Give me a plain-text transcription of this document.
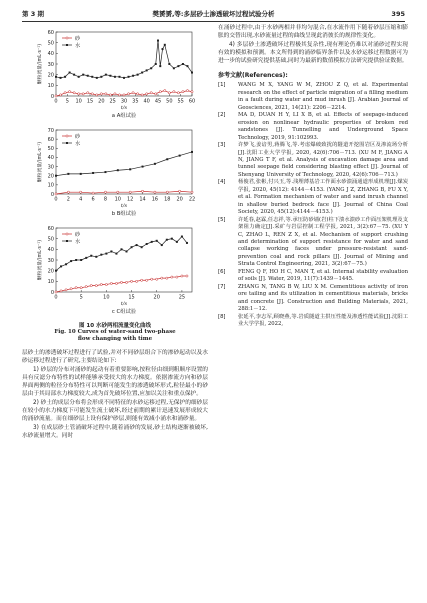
第 3 期	樊赟赟,等:多层砂土渗透破坏过程试验分析	395
0
10
20
30
40
50
60
0 5 10 15 20 25 30 35 40 45 50 55 60
t/s
颗粒流量/(mL·s⁻¹)
a A组试验
砂
水
0
10
20
30
40
50
60
70
0 2 4 6 8 10 12 14 16 18 20 22
t/s
颗粒流量/(mL·s⁻¹)
b B组试验
砂
水
0
10
20
30
40
50
60
0	5	10	15	20	25
t/s
颗粒流量/(mL·s⁻¹)
c C组试验
砂
水
图 10 水砂两相流量变化曲线
Fig. 10 Curves of water-sand two-phase
flow changing with time

层砂土的渗透破坏过程进行了试验,并对不同砂层组合下的渗砂起动以及水砂运移过程进行了研究,主要结论如下:

1) 砂层的分布对涌砂的起动有着重要影响,按粒径由细到粗顺序设置的具有反滤分布特性的试样能够承受较大的水力梯度。依据渗流方向和砂层界面两侧的粒径分布特性可以判断可能发生的渗透破坏形式,粒径最小的砂层由于其局部水力梯度较大,成为首先破坏位置,应加以关注和重点保护。

2) 砂土的成层分布将会形成不同特征的水砂运移过程,无保护的细砂层在较小的水力梯度下可能发生流土破坏,经过前期的累计迅速发展形成较大的涌砂流量。而在细砂层上设有保护砂层,则能有效减小涌水和涌砂量。

3) 在成层砂土管涌破坏过程中,随着涌砂的发展,砂土结构逐渐被破坏,水砂流量增大。同时

在涌砂过程中,由于水砂两相并非均匀混合,在水流作用下随着砂层压缩和膨胀的交替出现,水砂流量过程的曲线呈现此消彼长的规律性变化。

4) 多层砂土渗透破坏过程极其复杂性,现有理论仍难以对涌砂过程实现有效的模拟和预测。本文所得到的涌砂临界条件以及水砂运移过程数据可为进一步的试验研究提供基础,同时为最新的数值模拟方法研究提供验证数据。

参考文献(References):
[1]	WANG M X, YANG W M, ZHOU Z Q, et al. Experimental research on the effect of particle migration of a filling medium in a fault during water and mud inrush [J]. Arabian Journal of Geosciences, 2021, 14(21): 2206－2214.
[2]	MA D, DUAN H Y, LI X B, et al. Effects of seepage-induced erosion on nonlinear hydraulic properties of broken red sandstones [J]. Tunnelling and Underground Space Technology, 2019, 91:102993.
[3]	许梦飞,姜谙男,蒋腾飞,等.考虑爆破致扰的隧道开挖围岩区及渗流场分析[J].沈阳工业大学学报, 2020, 42(6):706－713. (XU M F, JIANG A N, JIANG T F, et al. Analysis of excavation damage area and tunnel seepage field considering blasting effect [J]. Journal of Shenyang University of Technology, 2020, 42(6):706－713.)
[4]	杨俊君,张彬,付兴玉,等.浅埋薄基岩工作面水砂溃涌通道形成机理[J].煤炭学报, 2020, 45(12): 4144－4153. (YANG J Z, ZHANG B, FU X Y, et al. Formation mechanism of water and sand inrush channel in shallow buried bedrock face [J]. Journal of China Coal Society, 2020, 45(12):4144－4153.)
[5]	许延春,赵霖,任志祥,等.承压防砂墙(岩)柱下溃水溃砂工作面压架机理及支架阻力确定[J].采矿与岩层控制工程学报, 2021, 3(2):67－75. (XU Y C, ZHAO L, REN Z X, et al. Mechanism of support crushing and determination of support resistance for water and sand collapse working faces under pressure-resistant sand-prevention coal and rock pillars [J]. Journal of Mining and Strata Control Engineering, 2021, 3(2):67－75.)
[6]	FENG Q F, HO H C, MAN T, et al. Internal stability evaluation of soils [J]. Water, 2019, 11(7):1439－1445.
[7]	ZHANG N, TANG B W, LIU X M. Cementitious activity of iron ore tailing and its utilization in cementitious materials, bricks and concrete [J]. Construction and Building Materials, 2021, 288:1－12.
[8]	张延平,李志军,顾晓燕,等.岩质隧道主拱压性能及渗透性能试验[J].沈阳工业大学学报, 2022,
